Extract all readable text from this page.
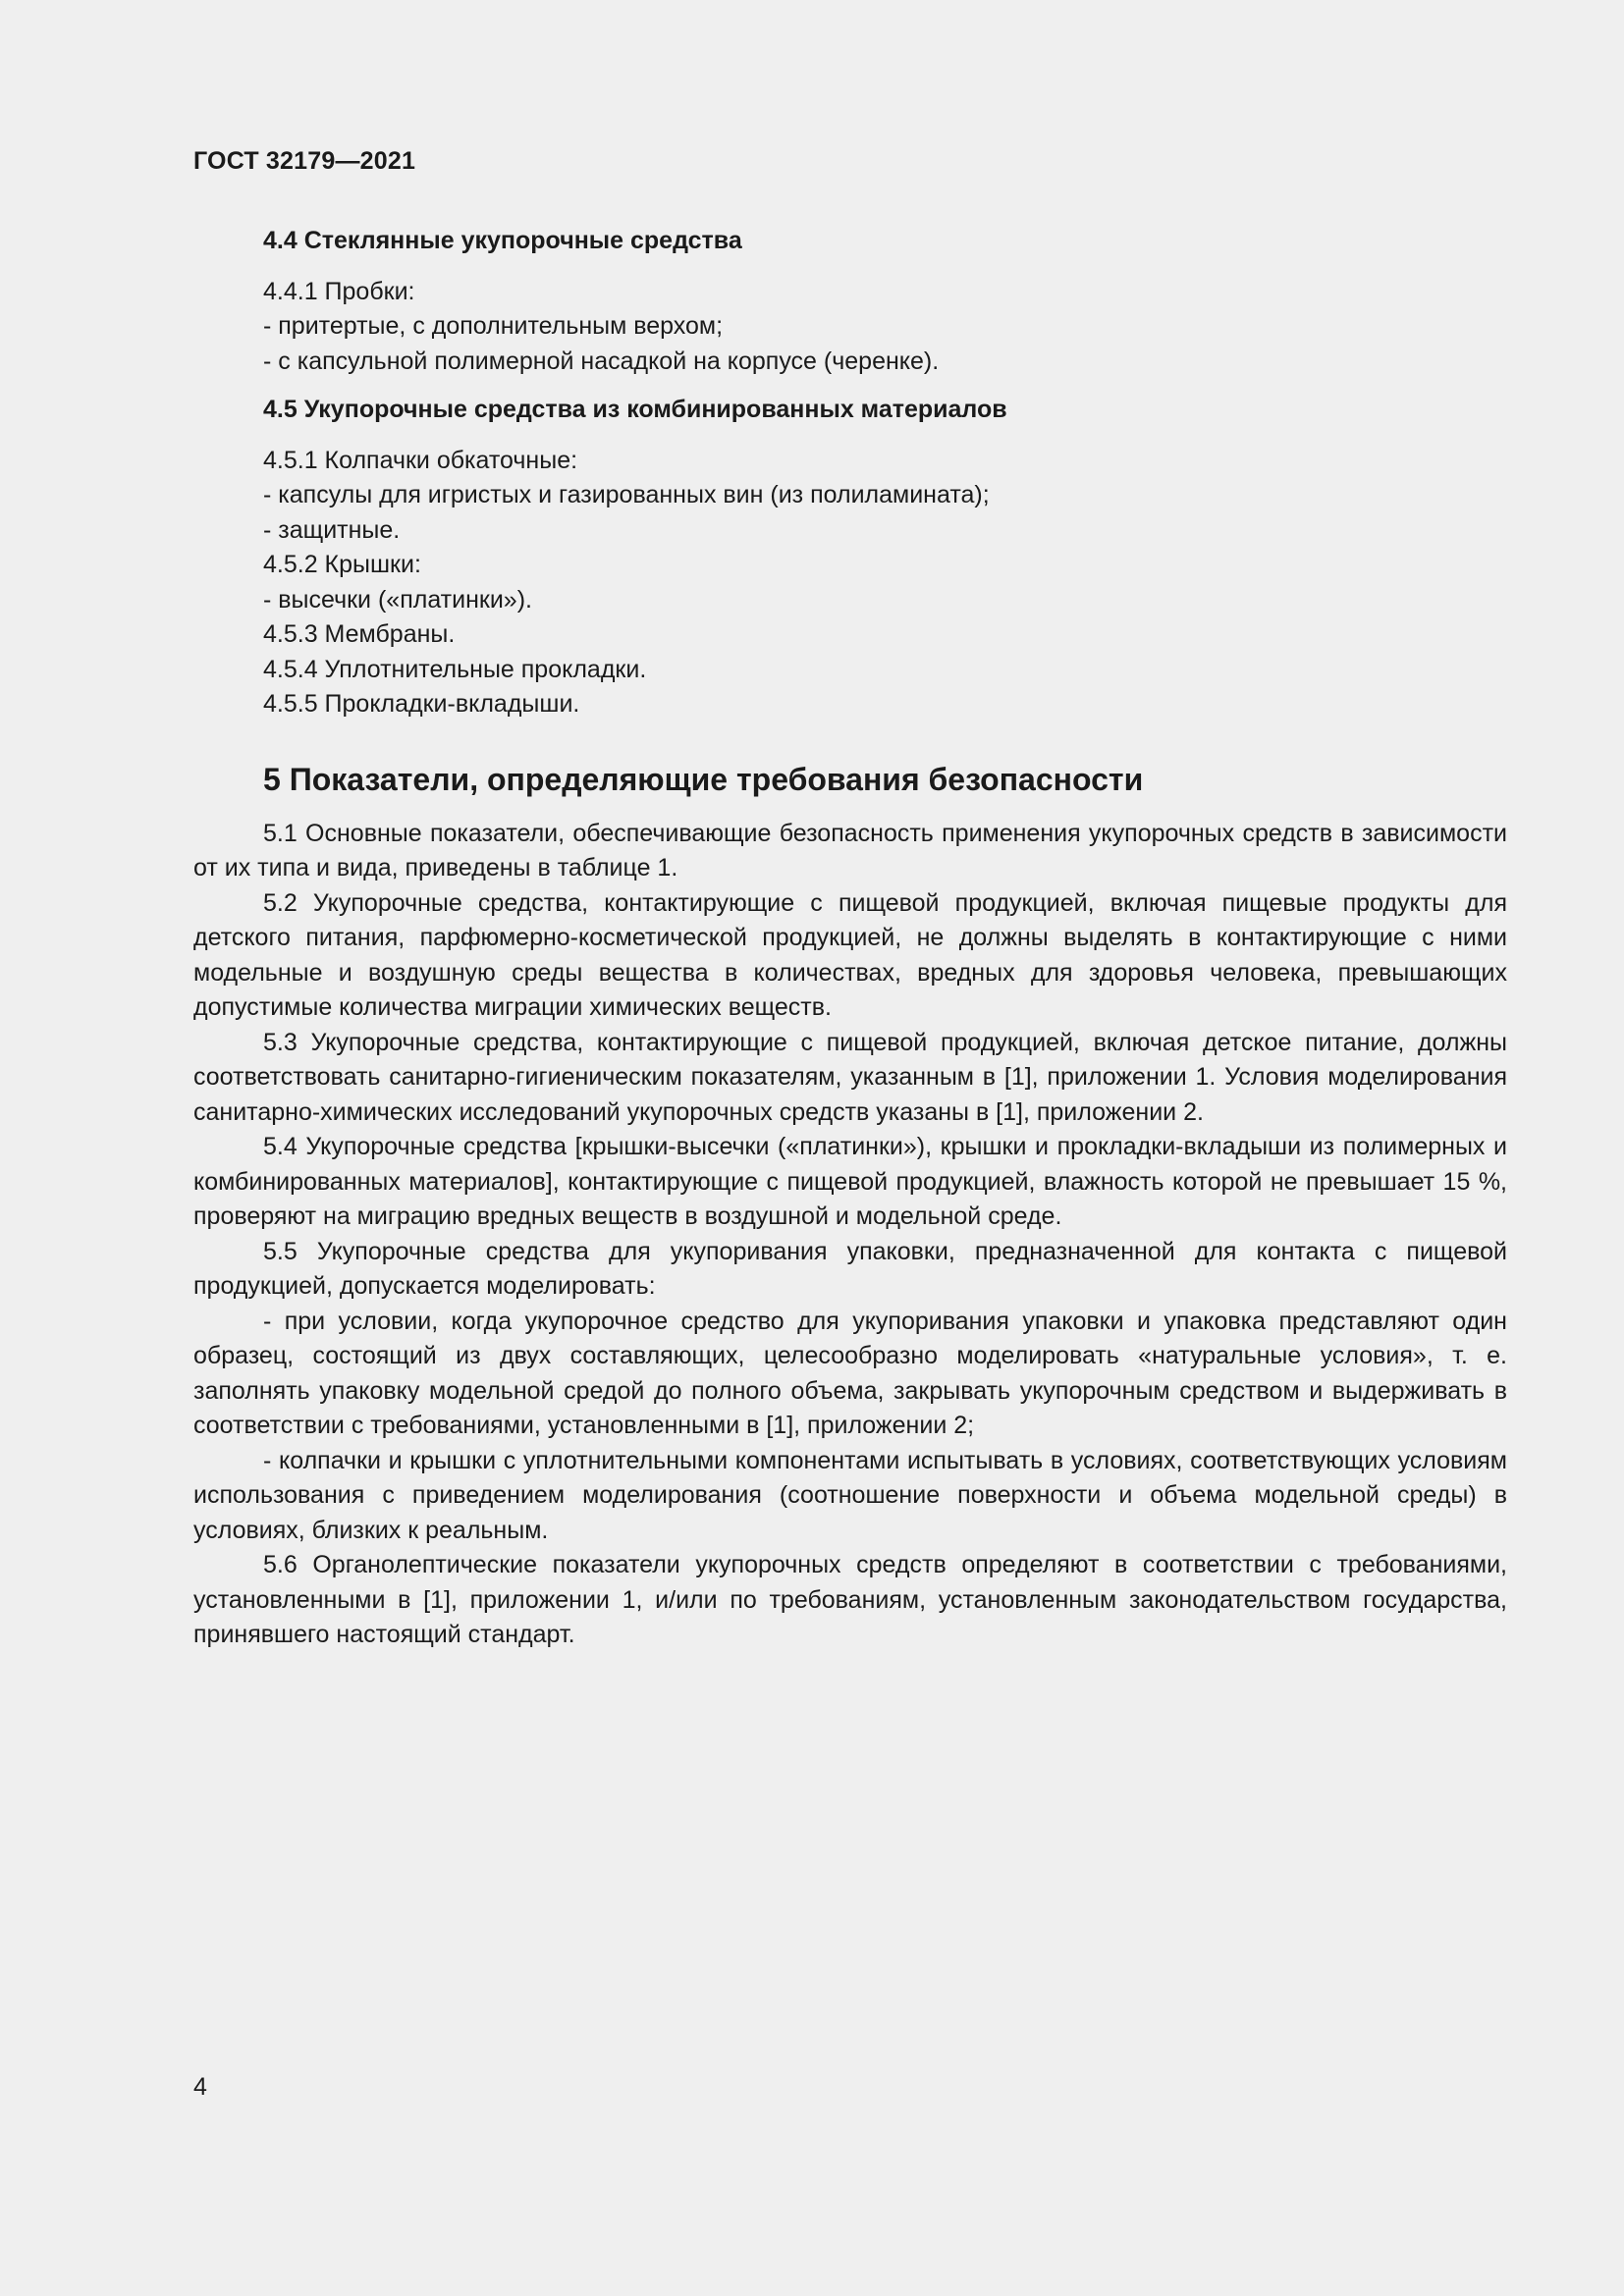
ГОСТ 32179—2021
4.4 Стеклянные укупорочные средства
4.4.1 Пробки:
- притертые, с дополнительным верхом;
- с капсульной полимерной насадкой на корпусе (черенке).
4.5 Укупорочные средства из комбинированных материалов
4.5.1 Колпачки обкаточные:
- капсулы для игристых и газированных вин (из полиламината);
- защитные.
4.5.2 Крышки:
- высечки («платинки»).
4.5.3 Мембраны.
4.5.4 Уплотнительные прокладки.
4.5.5 Прокладки-вкладыши.
5 Показатели, определяющие требования безопасности

5.1 Основные показатели, обеспечивающие безопасность применения укупорочных средств в зависимости от их типа и вида, приведены в таблице 1.

5.2 Укупорочные средства, контактирующие с пищевой продукцией, включая пищевые продукты для детского питания, парфюмерно-косметической продукцией, не должны выделять в контактирующие с ними модельные и воздушную среды вещества в количествах, вредных для здоровья человека, превышающих допустимые количества миграции химических веществ.

5.3 Укупорочные средства, контактирующие с пищевой продукцией, включая детское питание, должны соответствовать санитарно-гигиеническим показателям, указанным в [1], приложении 1. Условия моделирования санитарно-химических исследований укупорочных средств указаны в [1], приложении 2.

5.4 Укупорочные средства [крышки-высечки («платинки»), крышки и прокладки-вкладыши из полимерных и комбинированных материалов], контактирующие с пищевой продукцией, влажность которой не превышает 15 %, проверяют на миграцию вредных веществ в воздушной и модельной среде.

5.5 Укупорочные средства для укупоривания упаковки, предназначенной для контакта с пищевой продукцией, допускается моделировать:

- при условии, когда укупорочное средство для укупоривания упаковки и упаковка представляют один образец, состоящий из двух составляющих, целесообразно моделировать «натуральные условия», т. е. заполнять упаковку модельной средой до полного объема, закрывать укупорочным средством и выдерживать в соответствии с требованиями, установленными в [1], приложении 2;

- колпачки и крышки с уплотнительными компонентами испытывать в условиях, соответствующих условиям использования с приведением моделирования (соотношение поверхности и объема модельной среды) в условиях, близких к реальным.

5.6 Органолептические показатели укупорочных средств определяют в соответствии с требованиями, установленными в [1], приложении 1, и/или по требованиям, установленным законодательством государства, принявшего настоящий стандарт.

4
